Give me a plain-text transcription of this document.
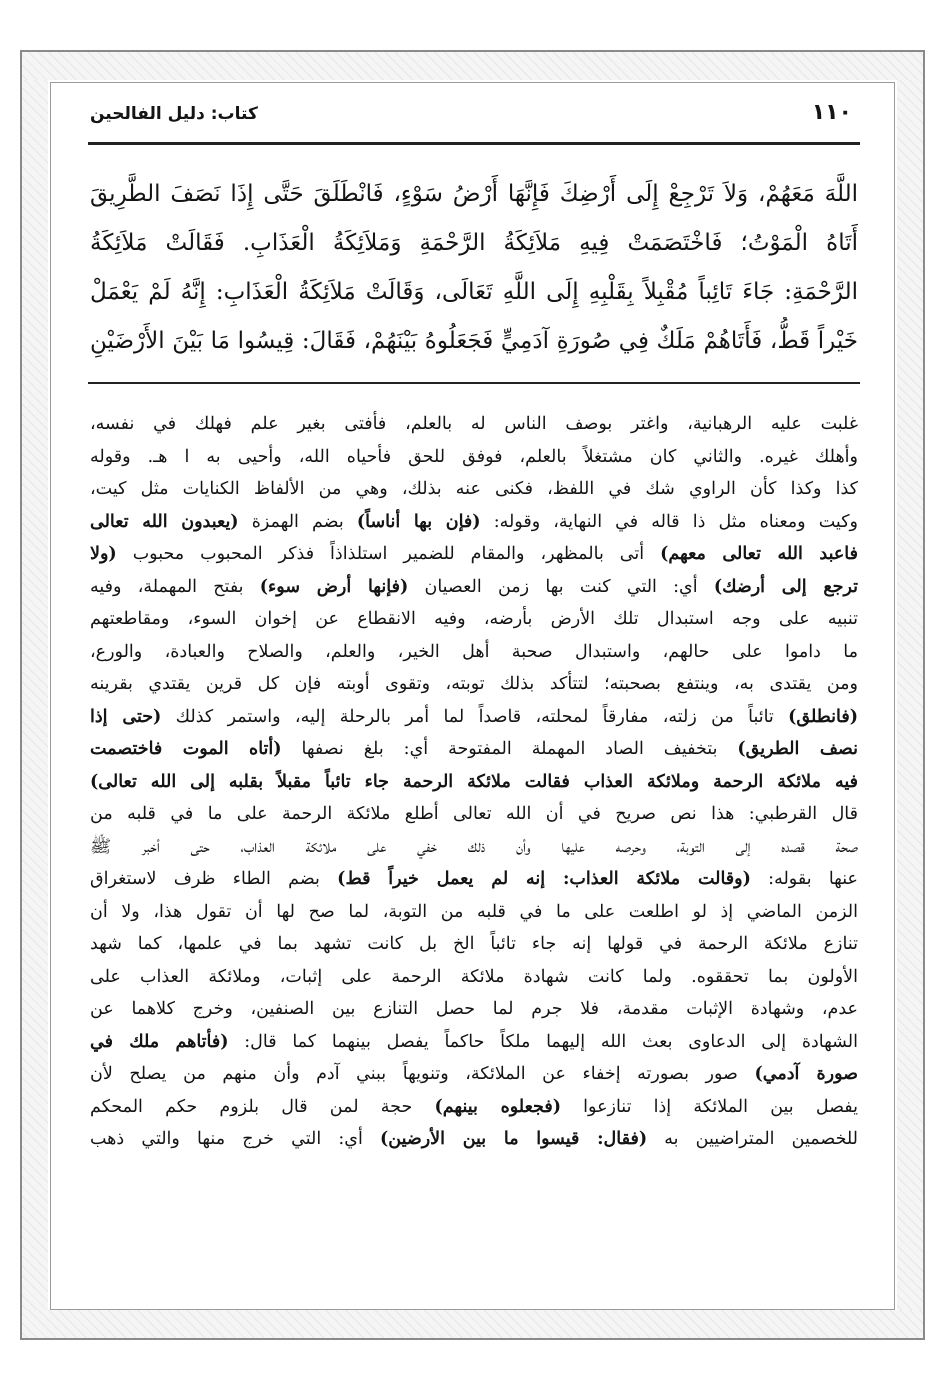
١١٠
كتاب: دليل الفالحين
اللَّهَ مَعَهُمْ، وَلاَ تَرْجِعْ إِلَى أَرْضِكَ فَإِنَّهَا أَرْضُ سَوْءٍ، فَانْطَلَقَ حَتَّى إِذَا نَصَفَ الطَّرِيقَ
أَتَاهُ الْمَوْتُ؛ فَاخْتَصَمَتْ فِيهِ مَلاَئِكَةُ الرَّحْمَةِ وَمَلاَئِكَةُ الْعَذَابِ. فَقَالَتْ مَلاَئِكَةُ
الرَّحْمَةِ: جَاءَ تَائِباً مُقْبِلاً بِقَلْبِهِ إِلَى اللَّهِ تَعَالَى، وَقَالَتْ مَلاَئِكَةُ الْعَذَابِ: إِنَّهُ لَمْ يَعْمَلْ
خَيْراً قَطُّ، فَأَتَاهُمْ مَلَكٌ فِي صُورَةِ آدَمِيٍّ فَجَعَلُوهُ بَيْنَهُمْ، فَقَالَ: قِيسُوا مَا بَيْنَ الأَرْضَيْنِ
غلبت عليه الرهبانية، واغتر بوصف الناس له بالعلم، فأفتى بغير علم فهلك في نفسه،
وأهلك غيره. والثاني كان مشتغلاً بالعلم، فوفق للحق فأحياه الله، وأحيى به ا هـ. وقوله
كذا وكذا كأن الراوي شك في اللفظ، فكنى عنه بذلك، وهي من الألفاظ الكنايات مثل كيت،
وكيت ومعناه مثل ذا قاله في النهاية، وقوله: (فإن بها أناساً) بضم الهمزة (يعبدون الله تعالى
فاعبد الله تعالى معهم) أتى بالمظهر، والمقام للضمير استلذاذاً فذكر المحبوب محبوب (ولا
ترجع إلى أرضك) أي: التي كنت بها زمن العصيان (فإنها أرض سوء) بفتح المهملة، وفيه
تنبيه على وجه استبدال تلك الأرض بأرضه، وفيه الانقطاع عن إخوان السوء، ومقاطعتهم
ما داموا على حالهم، واستبدال صحبة أهل الخير، والعلم، والصلاح والعبادة، والورع،
ومن يقتدى به، وينتفع بصحبته؛ لتتأكد بذلك توبته، وتقوى أوبته فإن كل قرين يقتدي بقرينه
(فانطلق) تائباً من زلته، مفارقاً لمحلته، قاصداً لما أمر بالرحلة إليه، واستمر كذلك (حتى إذا
نصف الطريق) بتخفيف الصاد المهملة المفتوحة أي: بلغ نصفها (أتاه الموت فاختصمت
فيه ملائكة الرحمة وملائكة العذاب فقالت ملائكة الرحمة جاء تائباً مقبلاً بقلبه إلى الله تعالى)
قال القرطبي: هذا نص صريح في أن الله تعالى أطلع ملائكة الرحمة على ما في قلبه من
صحة قصده إلى التوبة، وحرصه عليها وأن ذلك خفي على ملائكة العذاب، حتى أخبر ﷺ
عنها بقوله: (وقالت ملائكة العذاب: إنه لم يعمل خيراً قط) بضم الطاء ظرف لاستغراق
الزمن الماضي إذ لو اطلعت على ما في قلبه من التوبة، لما صح لها أن تقول هذا، ولا أن
تنازع ملائكة الرحمة في قولها إنه جاء تائباً الخ بل كانت تشهد بما في علمها، كما شهد
الأولون بما تحققوه. ولما كانت شهادة ملائكة الرحمة على إثبات، وملائكة العذاب على
عدم، وشهادة الإثبات مقدمة، فلا جرم لما حصل التنازع بين الصنفين، وخرج كلاهما عن
الشهادة إلى الدعاوى بعث الله إليهما ملكاً حاكماً يفصل بينهما كما قال: (فأتاهم ملك في
صورة آدمي) صور بصورته إخفاء عن الملائكة، وتنويهاً ببني آدم وأن منهم من يصلح لأن
يفصل بين الملائكة إذا تنازعوا (فجعلوه بينهم) حجة لمن قال بلزوم حكم المحكم
للخصمين المتراضيين به (فقال: قيسوا ما بين الأرضين) أي: التي خرج منها والتي ذهب
